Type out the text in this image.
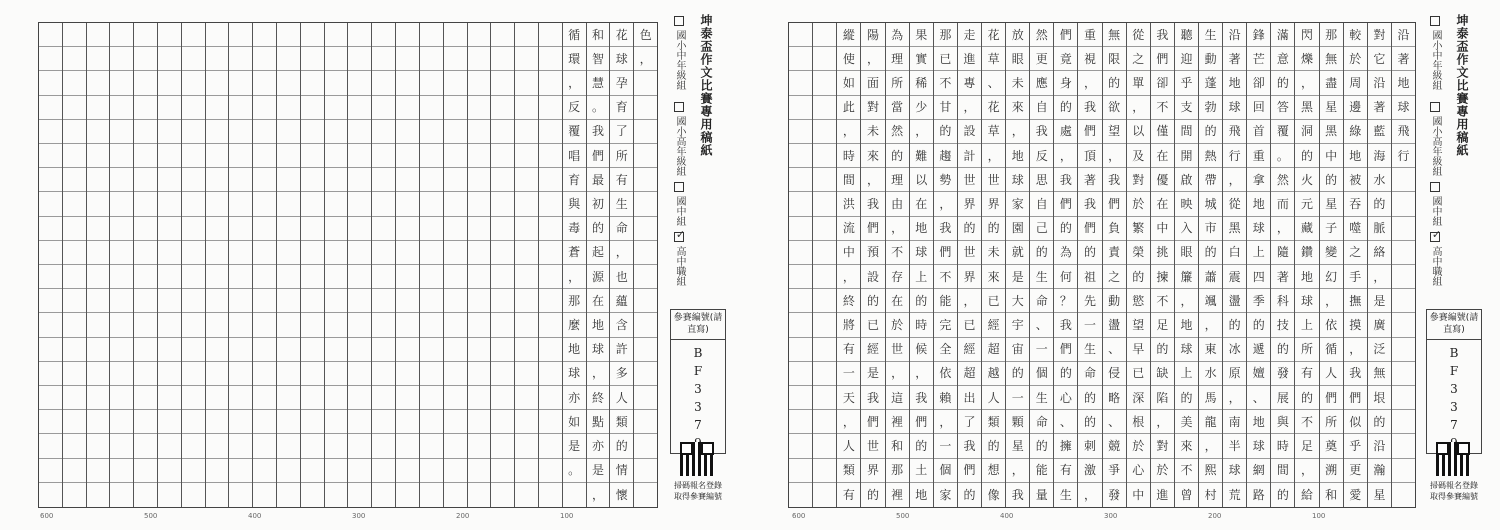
色
，
花
球
孕
育
了
所
有
生
命
，
也
蘊
含
許
多
人
類
的
情
懷
和
智
慧
。
我
們
最
初
的
起
源
在
地
球
，
終
點
亦
是
，
循
環
，
反
覆
唱
育
與
毒
蒼
，
那
麼
地
球
亦
如
是
。
坤泰盃作文比賽專用稿紙
國小中年級組
國小高年級組
國中組
✓高中職組
參賽編號(請直寫)
B
F
3
3
7
掃碼報名登錄
取得參賽編號
600	500	400	300	200	100
沿
著
地
球
飛
行
對
它
沿
著
藍
海
水
的
脈
絡
，
是
廣
泛
無
垠
的
沿
瀚
星
較
於
周
邊
綠
地
被
吞
噬
之
手
撫
摸
，
我
們
似
乎
更
愛
那
無
盡
星
黑
中
的
星
子
變
幻
，
依
循
人
們
所
奠
溯
和
閃
爍
，
黑
洞
的
火
元
藏
鑽
地
球
上
所
有
的
不
足
，
給
滿
意
的
答
覆
。
然
而
，
隨
著
科
技
的
發
展
與
時
間
的
鋒
芒
卻
回
首
重
拿
地
球
上
四
季
的
遞
嬗
、
地
球
網
路
沿
著
地
球
飛
行
，
從
黑
白
震
盪
的
冰
原
，
南
半
球
荒
生
動
蓬
勃
的
熱
帶
城
市
的
蕭
颯
，
東
水
馬
龍
，
熙
村
聽
迎
乎
支
間
開
啟
映
入
眼
簾
，
地
球
上
的
美
來
不
曾
我
們
卻
不
僅
在
優
在
中
挑
揀
不
足
的
缺
陷
，
對
於
進
從
之
單
，
以
及
對
於
繁
榮
的
慾
望
早
已
深
根
於
心
中
無
限
的
欲
望
，
我
們
負
責
之
動
盪
、
侵
略
、
競
爭
發
重
視
，
我
們
頂
著
我
們
的
祖
先
一
生
命
的
的
刺
激
，
們
竟
身
的
處
，
我
們
的
為
何
？
我
們
的
心
、
擁
有
生
然
更
應
自
我
反
思
自
己
的
生
命
、
一
個
生
命
的
能
量
放
眼
未
來
，
地
球
家
園
就
是
大
宇
宙
的
一
顆
星
，
我
花
草
、
花
草
，
世
界
的
未
來
已
經
超
越
人
類
的
想
像
走
進
專
，
設
計
世
界
的
世
界
，
已
經
超
出
了
我
們
的
那
已
不
甘
的
趨
勢
，
我
們
不
能
完
全
依
賴
，
一
個
家
果
實
稀
少
，
難
以
在
地
球
上
的
時
候
，
我
們
的
土
地
為
理
所
當
然
的
理
由
，
不
存
在
於
世
，
這
裡
和
那
裡
陽
，
面
對
未
來
，
我
們
預
設
的
已
經
是
我
們
世
界
的
縱
使
如
此
，
時
間
洪
流
中
，
終
將
有
一
天
，
人
類
有
坤泰盃作文比賽專用稿紙
國小中年級組
國小高年級組
國中組
✓高中職組
參賽編號(請直寫)
B
F
3
3
7
掃碼報名登錄
取得參賽編號
600	500	400	300	200	100
